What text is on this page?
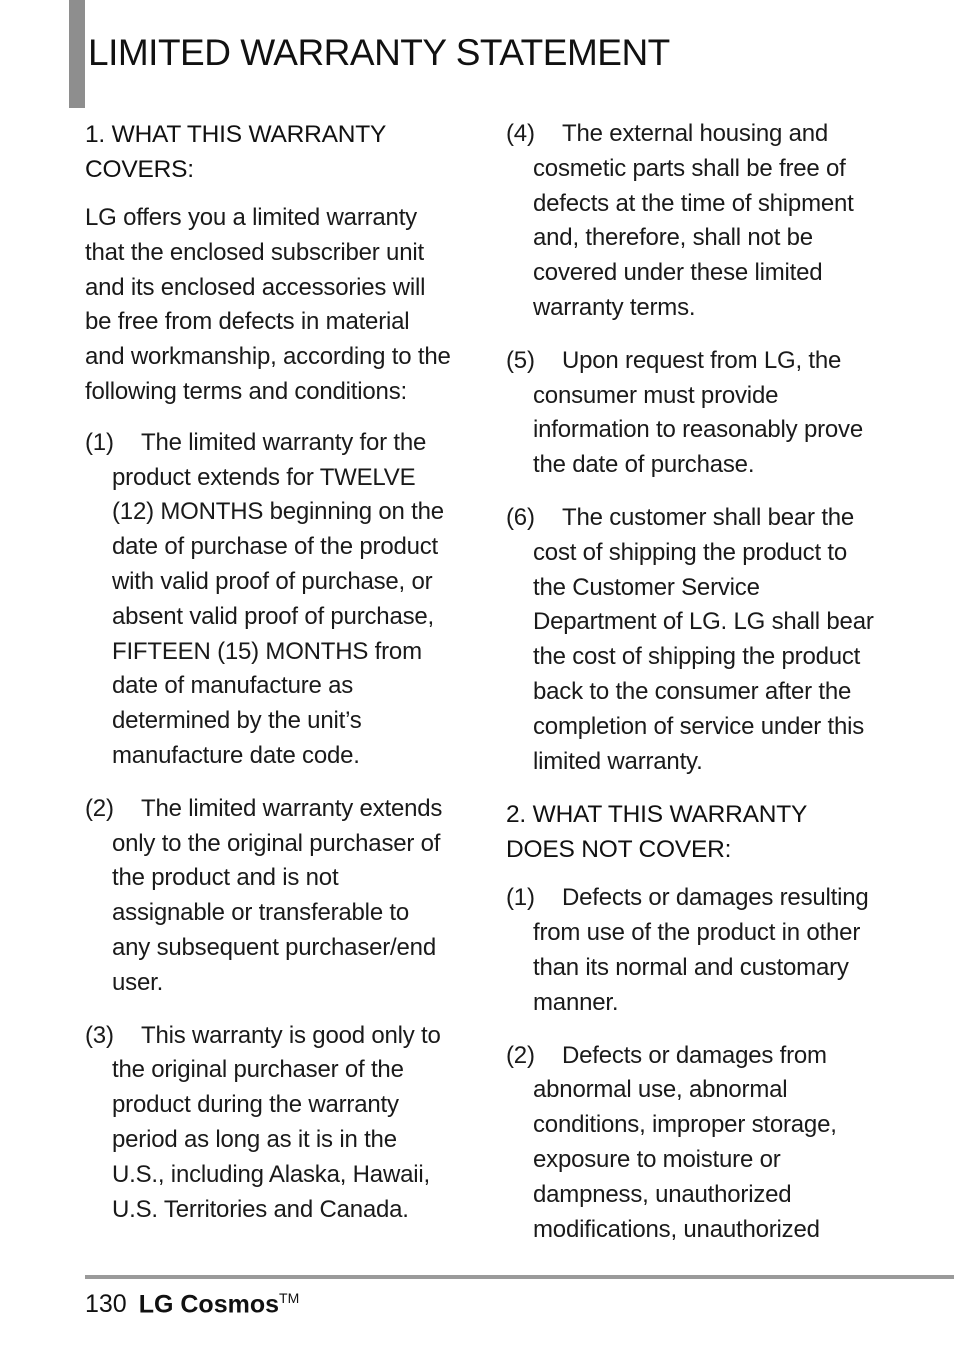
LIMITED WARRANTY STATEMENT
1. WHAT THIS WARRANTY COVERS:

LG offers you a limited warranty that the enclosed subscriber unit and its enclosed accessories will be free from defects in material and workmanship, according to the following terms and conditions:

(1) The limited warranty for the product extends for TWELVE (12) MONTHS beginning on the date of purchase of the product with valid proof of purchase, or absent valid proof of purchase, FIFTEEN (15) MONTHS from date of manufacture as determined by the unit’s manufacture date code.
(2) The limited warranty extends only to the original purchaser of the product and is not assignable or transferable to any subsequent purchaser/end user.
(3) This warranty is good only to the original purchaser of the product during the warranty period as long as it is in the U.S., including Alaska, Hawaii, U.S. Territories and Canada.
(4) The external housing and cosmetic parts shall be free of defects at the time of shipment and, therefore, shall not be covered under these limited warranty terms.
(5) Upon request from LG, the consumer must provide information to reasonably prove the date of purchase.
(6) The customer shall bear the cost of shipping the product to the Customer Service Department of LG. LG shall bear the cost of shipping the product back to the consumer after the completion of service under this limited warranty.
2. WHAT THIS WARRANTY DOES NOT COVER:
(1) Defects or damages resulting from use of the product in other than its normal and customary manner.
(2) Defects or damages from abnormal use, abnormal conditions, improper storage, exposure to moisture or dampness, unauthorized modifications, unauthorized
130 LG Cosmos™
